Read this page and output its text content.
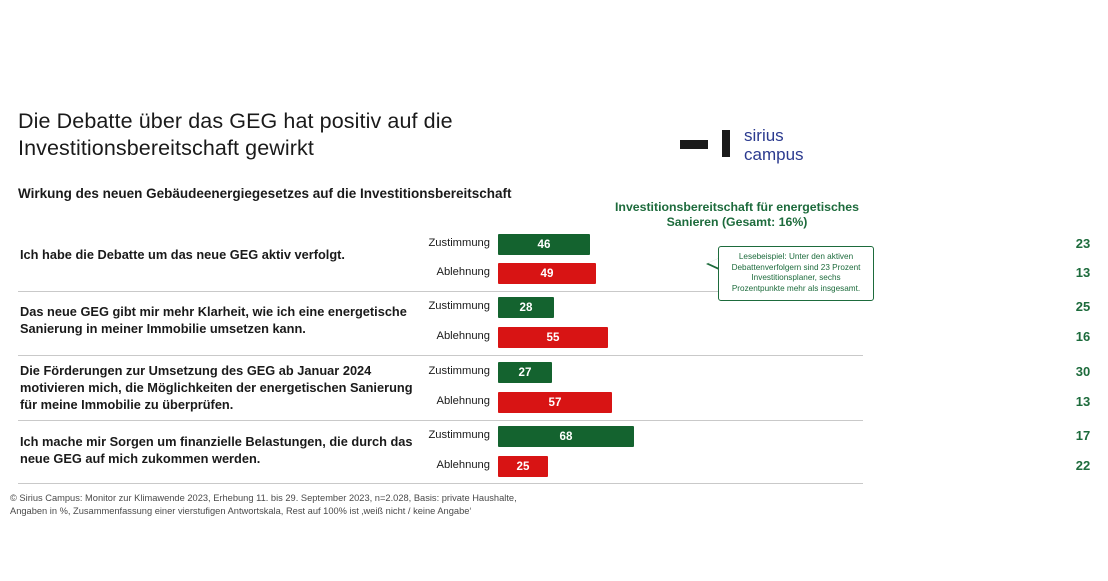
Die Debatte über das GEG hat positiv auf die Investitionsbereitschaft gewirkt
sirius
campus
Wirkung des neuen Gebäudeenergiegesetzes auf die Investitionsbereitschaft
Investitionsbereitschaft für energetisches Sanieren (Gesamt: 16%)
Ich habe die Debatte um das neue GEG aktiv verfolgt.
Zustimmung	46	23
Ablehnung	49	13
Das neue GEG gibt mir mehr Klarheit, wie ich eine energetische Sanierung in meiner Immobilie umsetzen kann.
Zustimmung	28	25
Ablehnung	55	16
Die Förderungen zur Umsetzung des GEG ab Januar 2024 motivieren mich, die Möglichkeiten der energetischen Sanierung für meine Immobilie zu überprüfen.
Zustimmung	27	30
Ablehnung	57	13
Ich mache mir Sorgen um finanzielle Belastungen, die durch das neue GEG auf mich zukommen werden.
Zustimmung	68	17
Ablehnung	25	22
Lesebeispiel: Unter den aktiven Debattenverfolgern sind 23 Prozent Investitionsplaner, sechs Prozentpunkte mehr als insgesamt.
© Sirius Campus: Monitor zur Klimawende 2023, Erhebung 11. bis 29. September 2023, n=2.028, Basis: private Haushalte,
Angaben in %, Zusammenfassung einer vierstufigen Antwortskala, Rest auf 100% ist ‚weiß nicht / keine Angabe‘
